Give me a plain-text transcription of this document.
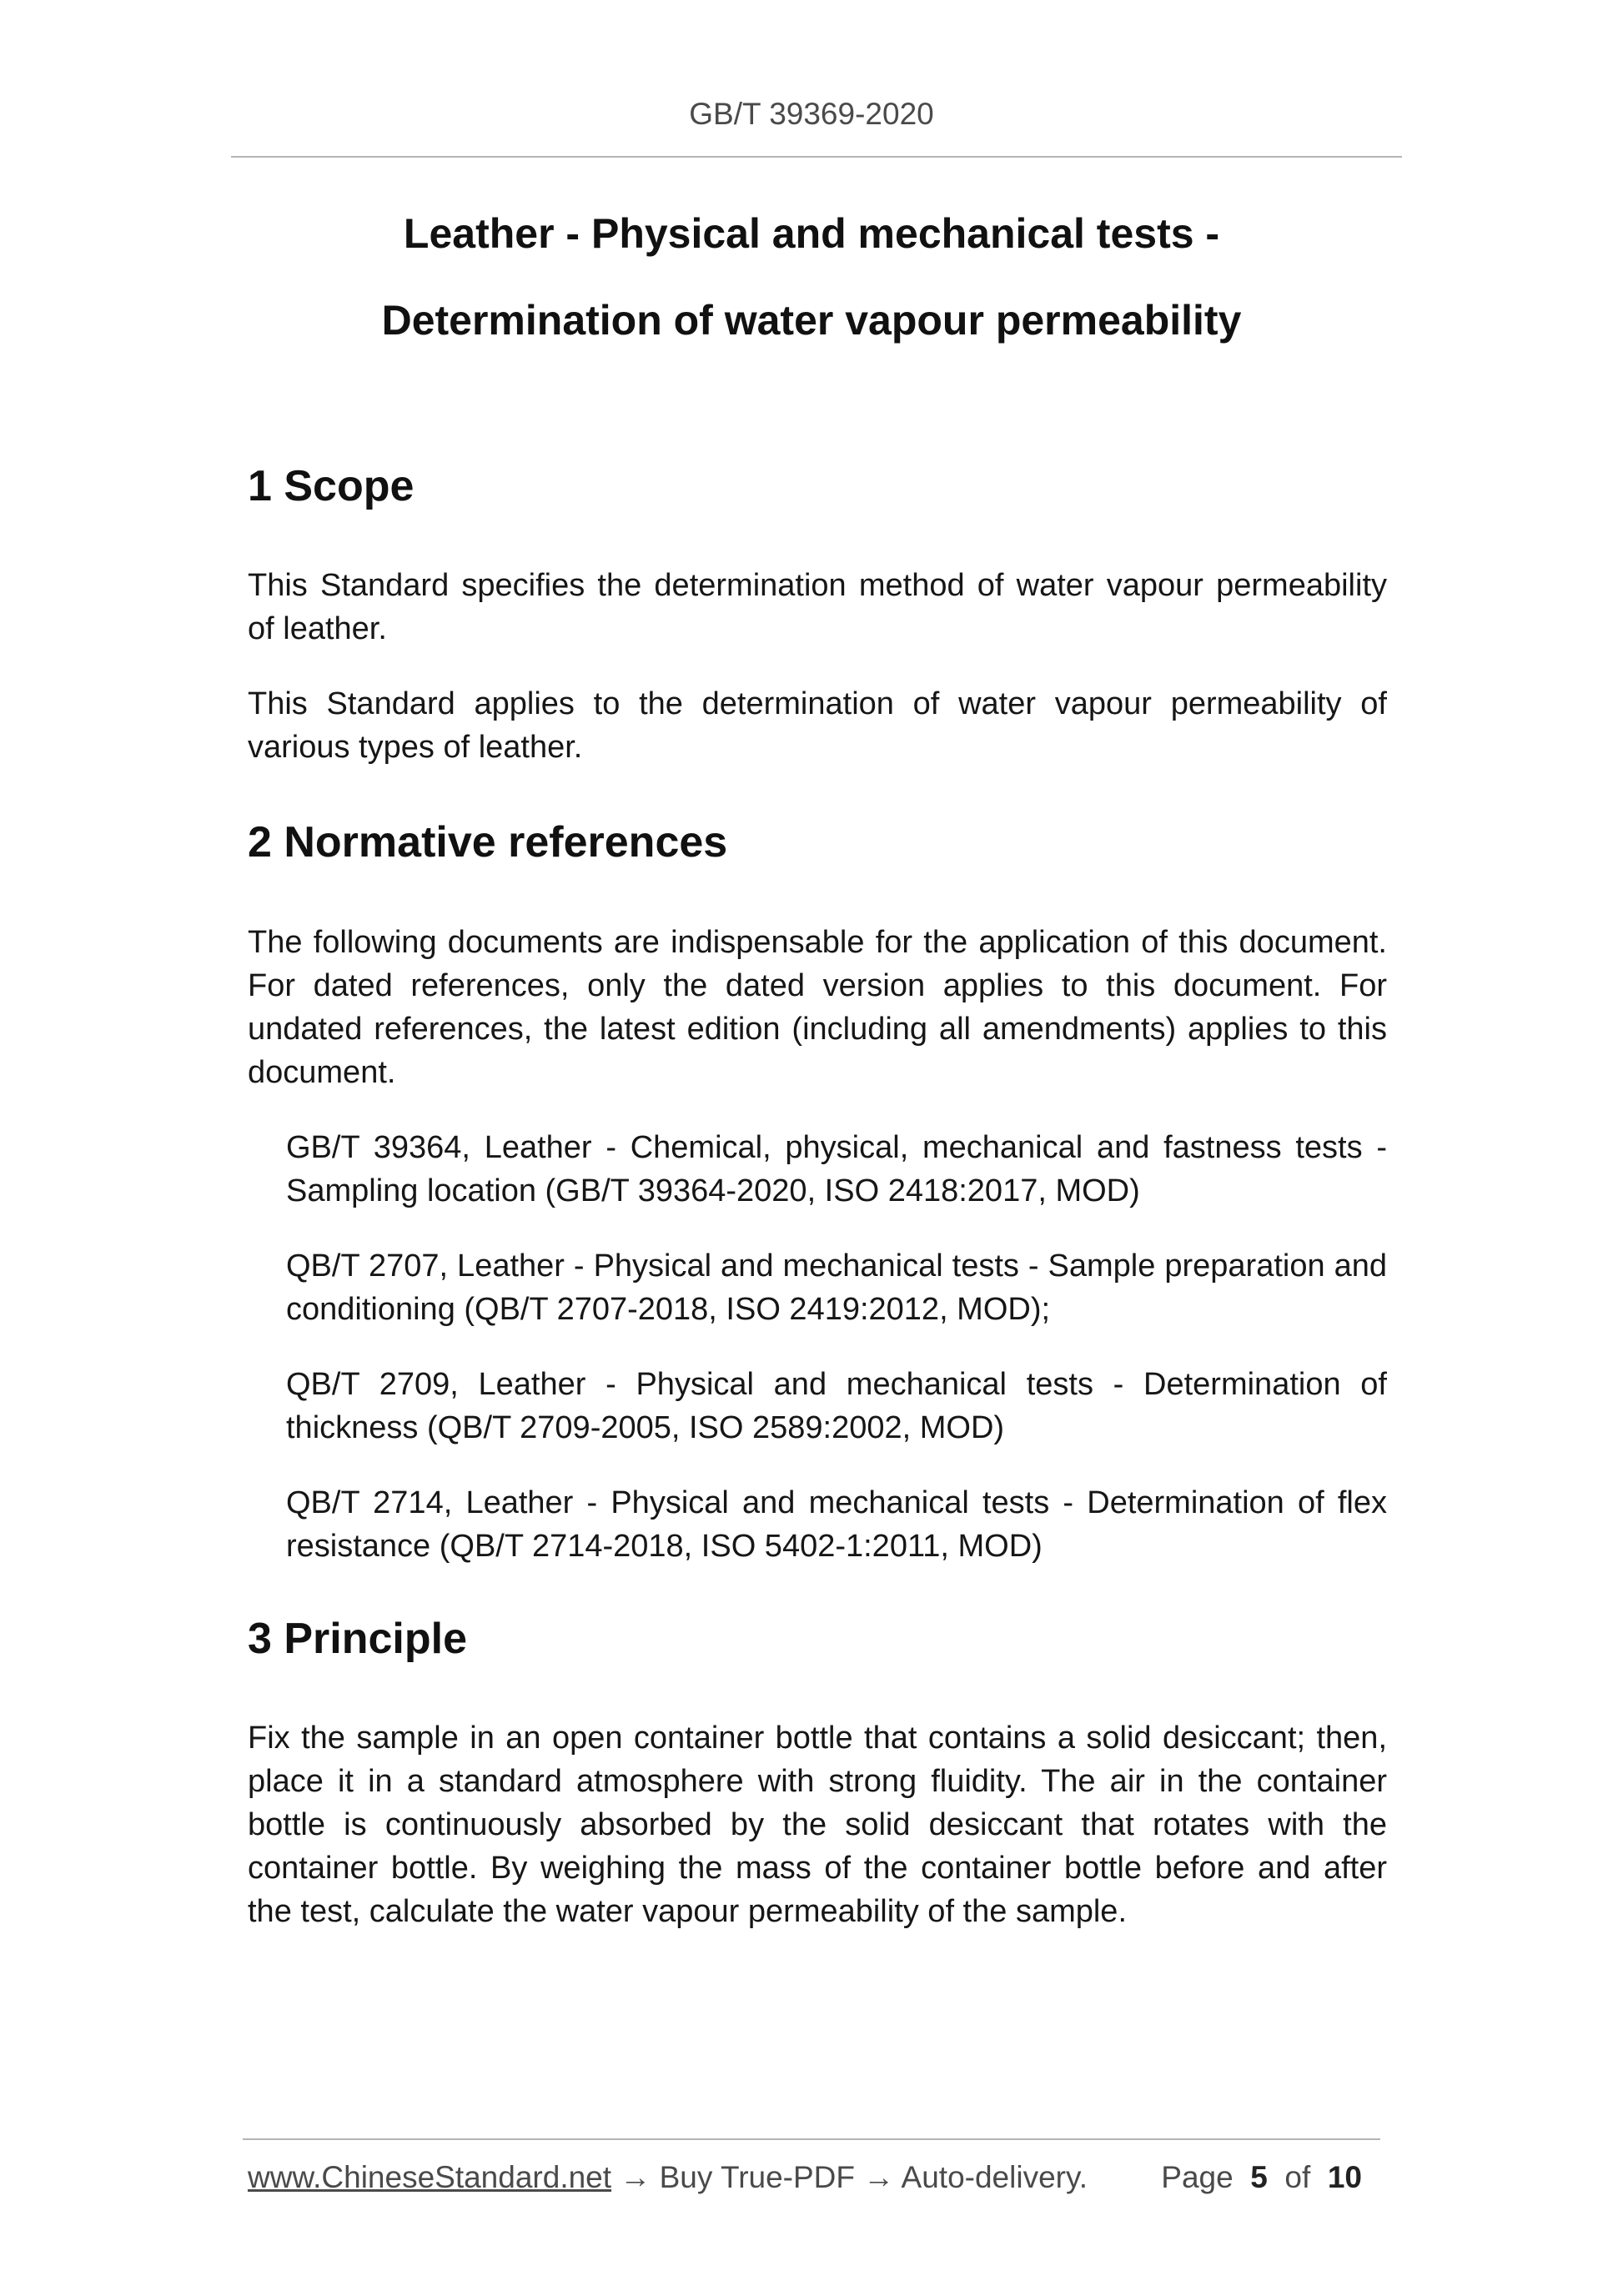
GB/T 39369-2020
Leather - Physical and mechanical tests -
Determination of water vapour permeability
1 Scope
This Standard specifies the determination method of water vapour permeability of leather.
This Standard applies to the determination of water vapour permeability of various types of leather.
2 Normative references
The following documents are indispensable for the application of this document. For dated references, only the dated version applies to this document. For undated references, the latest edition (including all amendments) applies to this document.
GB/T 39364, Leather - Chemical, physical, mechanical and fastness tests - Sampling location (GB/T 39364-2020, ISO 2418:2017, MOD)
QB/T 2707, Leather - Physical and mechanical tests - Sample preparation and conditioning (QB/T 2707-2018, ISO 2419:2012, MOD);
QB/T 2709, Leather - Physical and mechanical tests - Determination of thickness (QB/T 2709-2005, ISO 2589:2002, MOD)
QB/T 2714, Leather - Physical and mechanical tests - Determination of flex resistance (QB/T 2714-2018, ISO 5402-1:2011, MOD)
3 Principle
Fix the sample in an open container bottle that contains a solid desiccant; then, place it in a standard atmosphere with strong fluidity. The air in the container bottle is continuously absorbed by the solid desiccant that rotates with the container bottle. By weighing the mass of the container bottle before and after the test, calculate the water vapour permeability of the sample.
www.ChineseStandard.net → Buy True-PDF → Auto-delivery. Page 5 of 10
